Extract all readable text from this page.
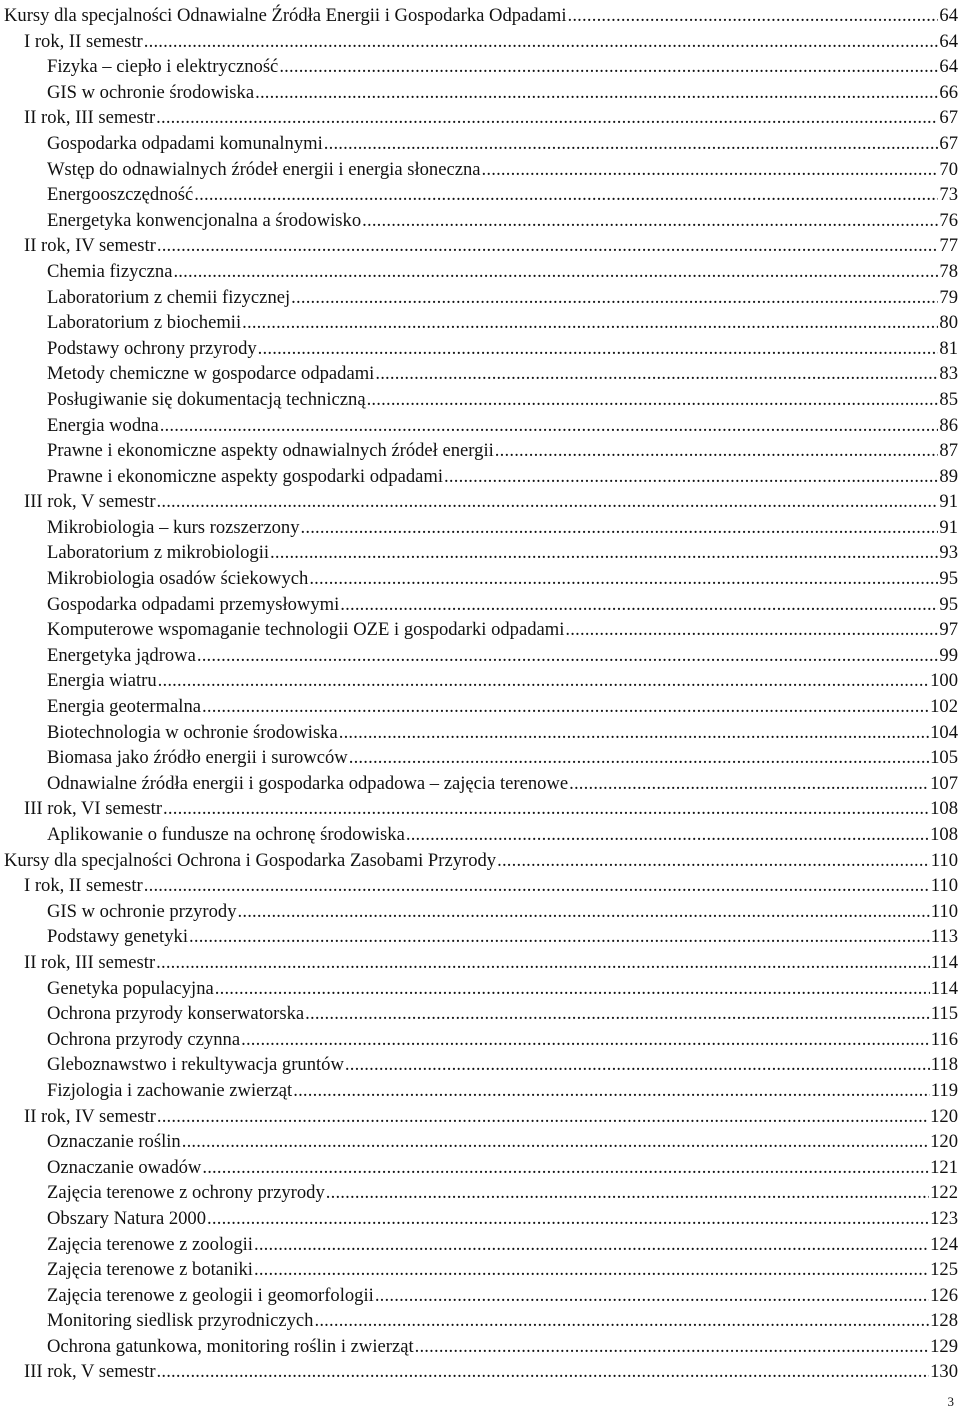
Kursy dla specjalności Odnawialne Źródła Energii i Gospodarka Odpadami .....	64
I rok, II semestr .....	64
Fizyka – ciepło i elektryczność .....	64
GIS w ochronie środowiska .....	66
II rok, III semestr .....	67
Gospodarka odpadami komunalnymi .....	67
Wstęp do odnawialnych źródeł energii i energia słoneczna .....	70
Energooszczędność .....	73
Energetyka konwencjonalna a środowisko .....	76
II rok, IV semestr .....	77
Chemia fizyczna .....	78
Laboratorium z chemii fizycznej .....	79
Laboratorium z biochemii .....	80
Podstawy ochrony przyrody .....	81
Metody chemiczne w gospodarce odpadami .....	83
Posługiwanie się dokumentacją techniczną .....	85
Energia wodna .....	86
Prawne i ekonomiczne aspekty odnawialnych źródeł energii .....	87
Prawne i ekonomiczne aspekty gospodarki odpadami .....	89
III rok, V semestr .....	91
Mikrobiologia – kurs rozszerzony .....	91
Laboratorium z mikrobiologii .....	93
Mikrobiologia osadów ściekowych .....	95
Gospodarka odpadami przemysłowymi .....	95
Komputerowe wspomaganie technologii OZE i gospodarki odpadami .....	97
Energetyka jądrowa .....	99
Energia wiatru .....	100
Energia geotermalna .....	102
Biotechnologia w ochronie środowiska .....	104
Biomasa jako źródło energii i surowców .....	105
Odnawialne źródła energii i gospodarka odpadowa – zajęcia terenowe .....	107
III rok, VI semestr .....	108
Aplikowanie o fundusze na ochronę środowiska .....	108
Kursy dla specjalności Ochrona i Gospodarka Zasobami Przyrody .....	110
I rok, II semestr .....	110
GIS w ochronie przyrody .....	110
Podstawy genetyki .....	113
II rok, III semestr .....	114
Genetyka populacyjna .....	114
Ochrona przyrody konserwatorska .....	115
Ochrona przyrody czynna .....	116
Gleboznawstwo i rekultywacja gruntów .....	118
Fizjologia i zachowanie zwierząt .....	119
II rok, IV semestr .....	120
Oznaczanie roślin .....	120
Oznaczanie owadów .....	121
Zajęcia terenowe z ochrony przyrody .....	122
Obszary Natura 2000 .....	123
Zajęcia terenowe z zoologii .....	124
Zajęcia terenowe z botaniki .....	125
Zajęcia terenowe z geologii i geomorfologii .....	126
Monitoring siedlisk przyrodniczych .....	128
Ochrona gatunkowa, monitoring roślin i zwierząt .....	129
III rok, V semestr .....	130
3
